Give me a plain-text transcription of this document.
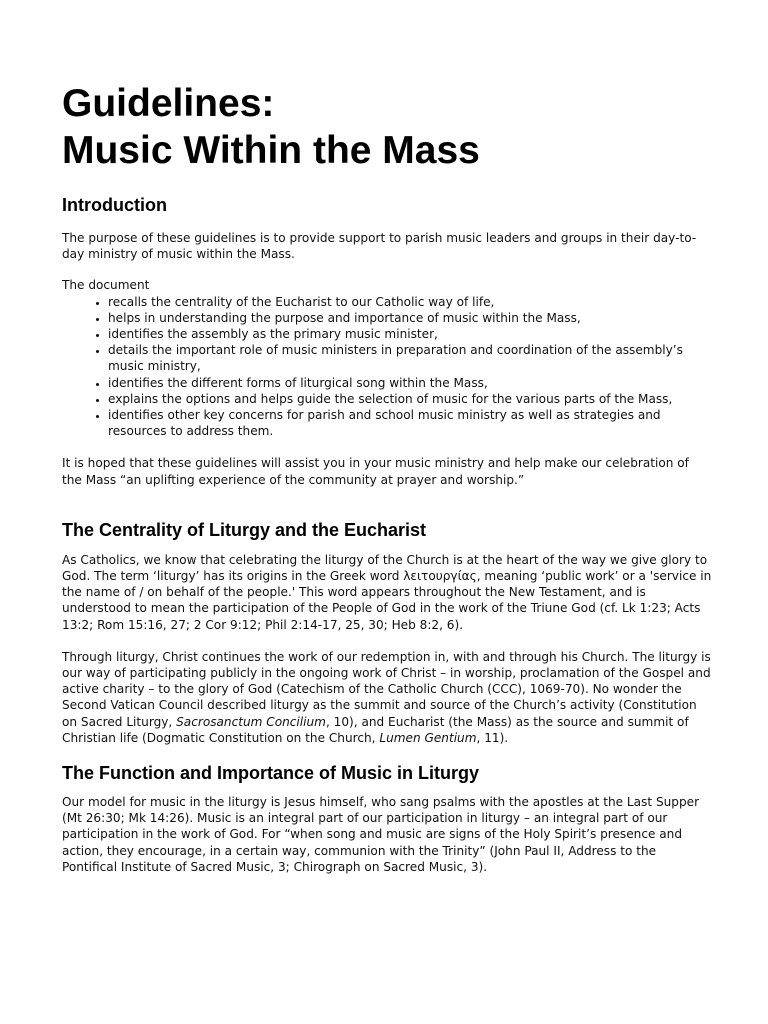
Guidelines:
Music Within the Mass
Introduction

The purpose of these guidelines is to provide support to parish music leaders and groups in their day-to-day ministry of music within the Mass.

The document
• recalls the centrality of the Eucharist to our Catholic way of life,
• helps in understanding the purpose and importance of music within the Mass,
• identifies the assembly as the primary music minister,
• details the important role of music ministers in preparation and coordination of the assembly’s music ministry,
• identifies the different forms of liturgical song within the Mass,
• explains the options and helps guide the selection of music for the various parts of the Mass,
• identifies other key concerns for parish and school music ministry as well as strategies and resources to address them.

It is hoped that these guidelines will assist you in your music ministry and help make our celebration of the Mass “an uplifting experience of the community at prayer and worship.”

The Centrality of Liturgy and the Eucharist

As Catholics, we know that celebrating the liturgy of the Church is at the heart of the way we give glory to God. The term ‘liturgy’ has its origins in the Greek word λειτουργίας, meaning ‘public work’ or a 'service in the name of / on behalf of the people.' This word appears throughout the New Testament, and is understood to mean the participation of the People of God in the work of the Triune God (cf. Lk 1:23; Acts 13:2; Rom 15:16, 27; 2 Cor 9:12; Phil 2:14-17, 25, 30; Heb 8:2, 6).

Through liturgy, Christ continues the work of our redemption in, with and through his Church. The liturgy is our way of participating publicly in the ongoing work of Christ – in worship, proclamation of the Gospel and active charity – to the glory of God (Catechism of the Catholic Church (CCC), 1069-70). No wonder the Second Vatican Council described liturgy as the summit and source of the Church’s activity (Constitution on Sacred Liturgy, Sacrosanctum Concilium, 10), and Eucharist (the Mass) as the source and summit of Christian life (Dogmatic Constitution on the Church, Lumen Gentium, 11).

The Function and Importance of Music in Liturgy

Our model for music in the liturgy is Jesus himself, who sang psalms with the apostles at the Last Supper (Mt 26:30; Mk 14:26). Music is an integral part of our participation in liturgy – an integral part of our participation in the work of God. For “when song and music are signs of the Holy Spirit’s presence and action, they encourage, in a certain way, communion with the Trinity” (John Paul II, Address to the Pontifical Institute of Sacred Music, 3; Chirograph on Sacred Music, 3).
